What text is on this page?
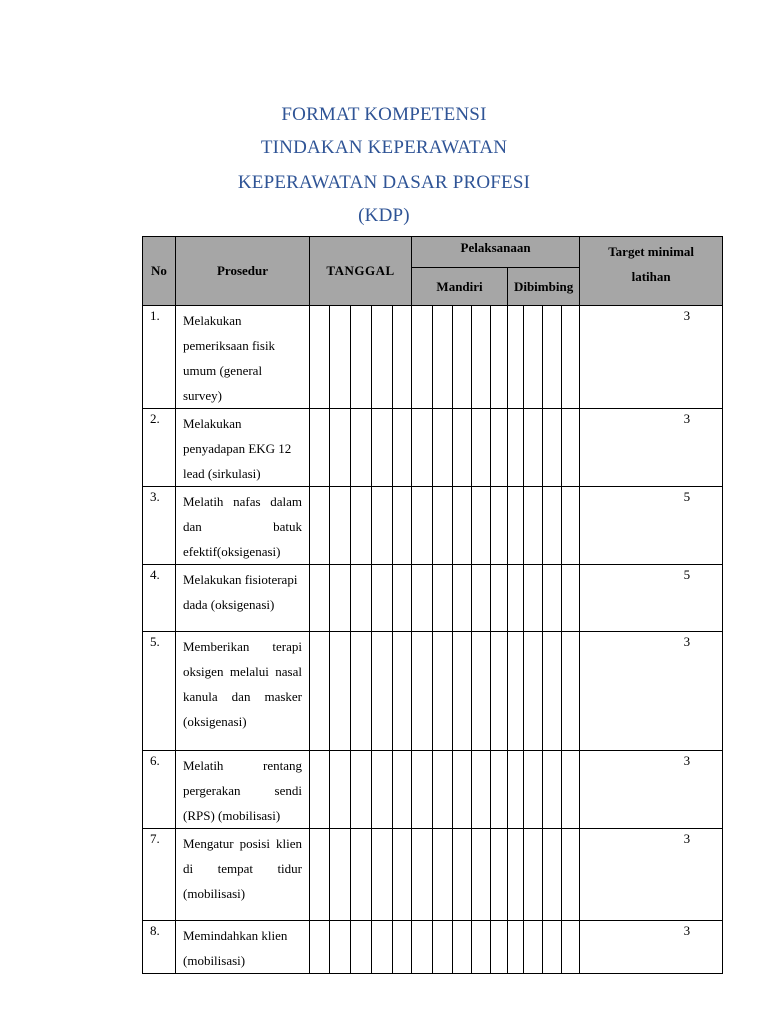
FORMAT KOMPETENSI
TINDAKAN KEPERAWATAN
KEPERAWATAN DASAR PROFESI
(KDP)
No	Prosedur	TANGGAL					Pelaksanaan									Target minimal
latihan	
							Mandiri					Dibimbing					
1.	Melakukan pemeriksaan fisik umum (general survey)																3
2.	Melakukan penyadapan EKG 12 lead (sirkulasi)																3
3.	Melatih nafas dalam dan batuk efektif(oksigenasi)																5
4.	Melakukan fisioterapi dada (oksigenasi)																5
5.	Memberikan terapi oksigen melalui nasal kanula dan masker (oksigenasi)																3
6.	Melatih rentang pergerakan sendi (RPS) (mobilisasi)																3
7.	Mengatur posisi klien di tempat tidur (mobilisasi)																3
8.	Memindahkan klien (mobilisasi)																3
